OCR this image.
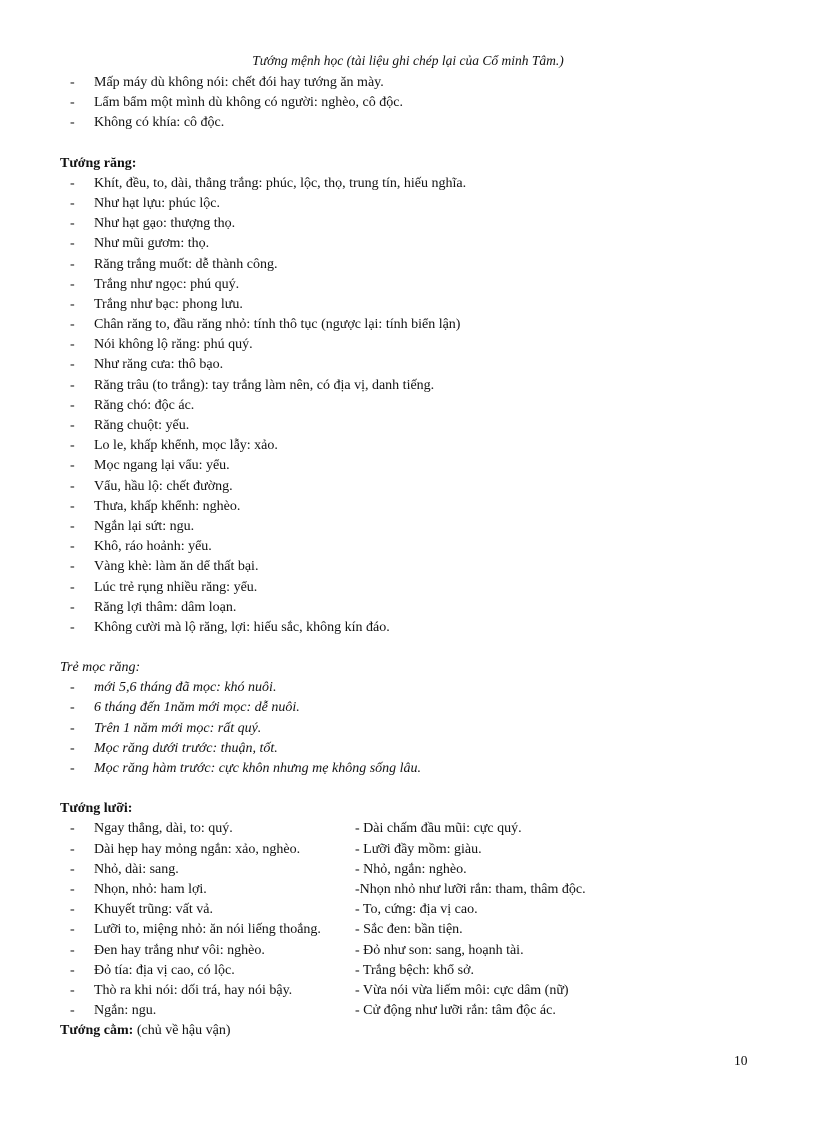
Tướng mệnh học (tài liệu ghi chép lại của Cổ minh Tâm.)
- Mấp máy dù không nói: chết đói hay tướng ăn mày.
- Lẩm bẩm một mình dù không có người: nghèo, cô độc.
- Không có khía: cô độc.
Tướng răng:
- Khít, đều, to, dài, thẳng trắng: phúc, lộc, thọ, trung tín, hiếu nghĩa.
- Như hạt lựu: phúc lộc.
- Như hạt gạo: thượng thọ.
- Như mũi gươm: thọ.
- Răng trắng muốt: dễ thành công.
- Trắng như ngọc: phú quý.
- Trắng như bạc: phong lưu.
- Chân răng to, đầu răng nhỏ: tính thô tục (ngược lại: tính biển lận)
- Nói không lộ răng: phú quý.
- Như răng cưa: thô bạo.
- Răng trâu (to trắng): tay trắng làm nên, có địa vị, danh tiếng.
- Răng chó: độc ác.
- Răng chuột: yếu.
- Lo le, khấp khểnh, mọc lẫy: xảo.
- Mọc ngang lại vẩu: yểu.
- Vẩu, hầu lộ: chết đường.
- Thưa, khấp khểnh: nghèo.
- Ngắn lại sứt: ngu.
- Khô, ráo hoảnh: yểu.
- Vàng khè: làm ăn dể thất bại.
- Lúc trẻ rụng nhiều răng: yểu.
- Răng lợi thâm: dâm loạn.
- Không cười mà lộ răng, lợi: hiếu sắc, không kín đáo.
Trẻ mọc răng:
- mới 5,6 tháng đã mọc: khó nuôi.
- 6 tháng đến 1năm mới mọc: dễ nuôi.
- Trên 1 năm mới mọc: rất quý.
- Mọc răng dưới trước: thuận, tốt.
- Mọc răng hàm trước: cực khôn nhưng mẹ không sống lâu.
Tướng lưỡi:
- Ngay thẳng, dài, to: quý.	- Dài chấm đầu mũi: cực quý.
- Dài hẹp hay mỏng ngắn: xảo, nghèo.	- Lưỡi đầy mồm: giàu.
- Nhỏ, dài: sang.	- Nhỏ, ngắn: nghèo.
- Nhọn, nhỏ: ham lợi.	-Nhọn nhỏ như lưỡi rắn: tham, thâm độc.
- Khuyết trũng: vất vả.	- To, cứng: địa vị cao.
- Lưỡi to, miệng nhỏ: ăn nói liếng thoắng.	- Sắc đen: bần tiện.
- Đen hay trắng như vôi: nghèo.	- Đỏ như son: sang, hoạnh tài.
- Đỏ tía: địa vị cao, có lộc.	- Trắng bệch: khổ sở.
- Thò ra khi nói: dối trá, hay nói bậy.	- Vừa nói vừa liếm môi: cực dâm (nữ)
- Ngắn: ngu.	- Cử động như lưỡi rắn: tâm độc ác.
Tướng cằm: (chủ về hậu vận)
10
